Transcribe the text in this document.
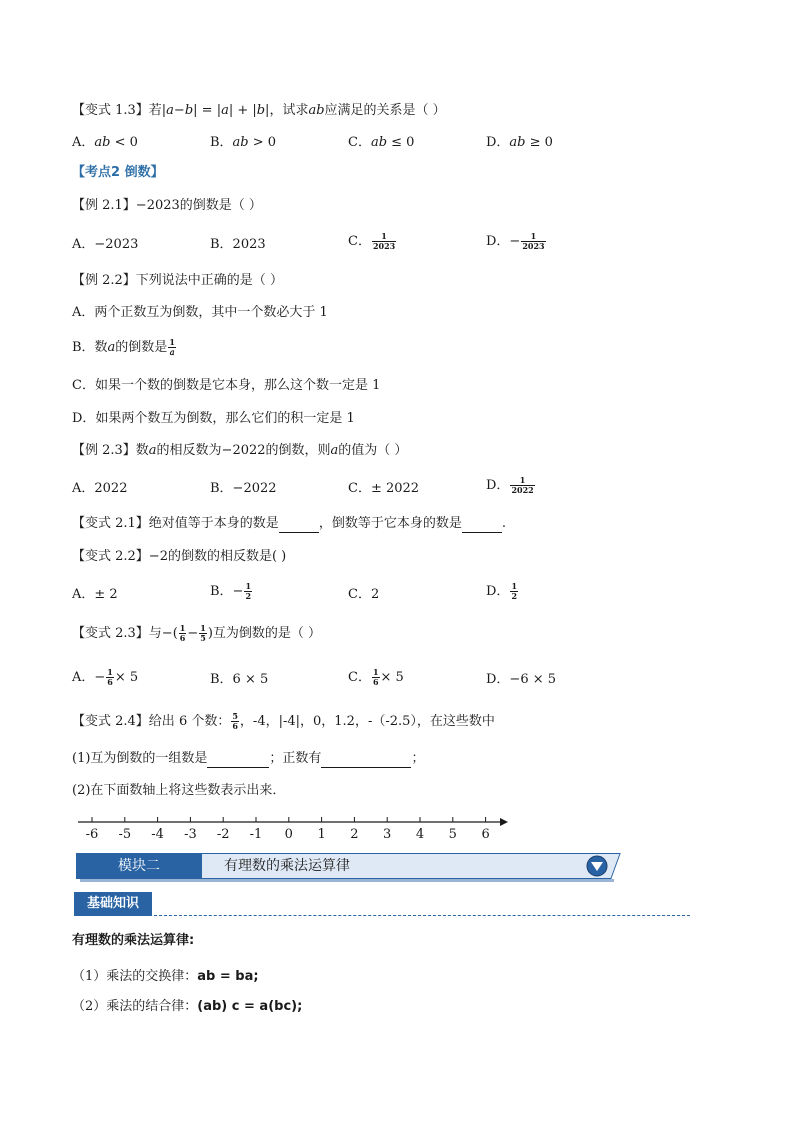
【变式 1.3】若|𝑎−𝑏| = |𝑎| + |𝑏|，试求𝑎𝑏应满足的关系是（ ）
A．𝑎𝑏 < 0	B．𝑎𝑏 > 0	C．𝑎𝑏 ≤ 0	D．𝑎𝑏 ≥ 0
【考点2 倒数】
【例 2.1】−2023的倒数是（ ）
A．−2023	B．2023	C． $\frac{1}{2023}$	D．− $\frac{1}{2023}$
【例 2.2】下列说法中正确的是（ ）
A．两个正数互为倒数，其中一个数必大于 1
B．数𝑎的倒数是 $\frac{1}{\text{𝑎}}$
C．如果一个数的倒数是它本身，那么这个数一定是 1
D．如果两个数互为倒数，那么它们的积一定是 1
【例 2.3】数𝑎的相反数为−2022的倒数，则𝑎的值为（ ）
A．2022	B．−2022	C．± 2022	D． $\frac{1}{2022}$
【变式 2.1】绝对值等于本身的数是	，倒数等于它本身的数是	.
【变式 2.2】−2的倒数的相反数是( )
A．± 2	B．− $\frac{1}{2}$	C．2	D． $\frac{1}{2}$
【变式 2.3】与−( $\frac{1}{6} - \frac{1}{5}$ )互为倒数的是（ ）
A．− $\frac{1}{6} \times 5$	B．6 × 5	C． $\frac{1}{6} \times 5$	D．−6 × 5
【变式 2.4】给出 6 个数： $\frac{5}{6}$ ，-4，|-4|，0，1.2，-（-2.5），在这些数中
(1)互为倒数的一组数是	；正数有	；
(2)在下面数轴上将这些数表示出来．
-6 -5 -4 -3 -2 -1 0 1 2 3 4 5 6
模块二	有理数的乘法运算律
基础知识
有理数的乘法运算律:
（1）乘法的交换律：ab = ba;
（2）乘法的结合律：(ab) c = a(bc);
